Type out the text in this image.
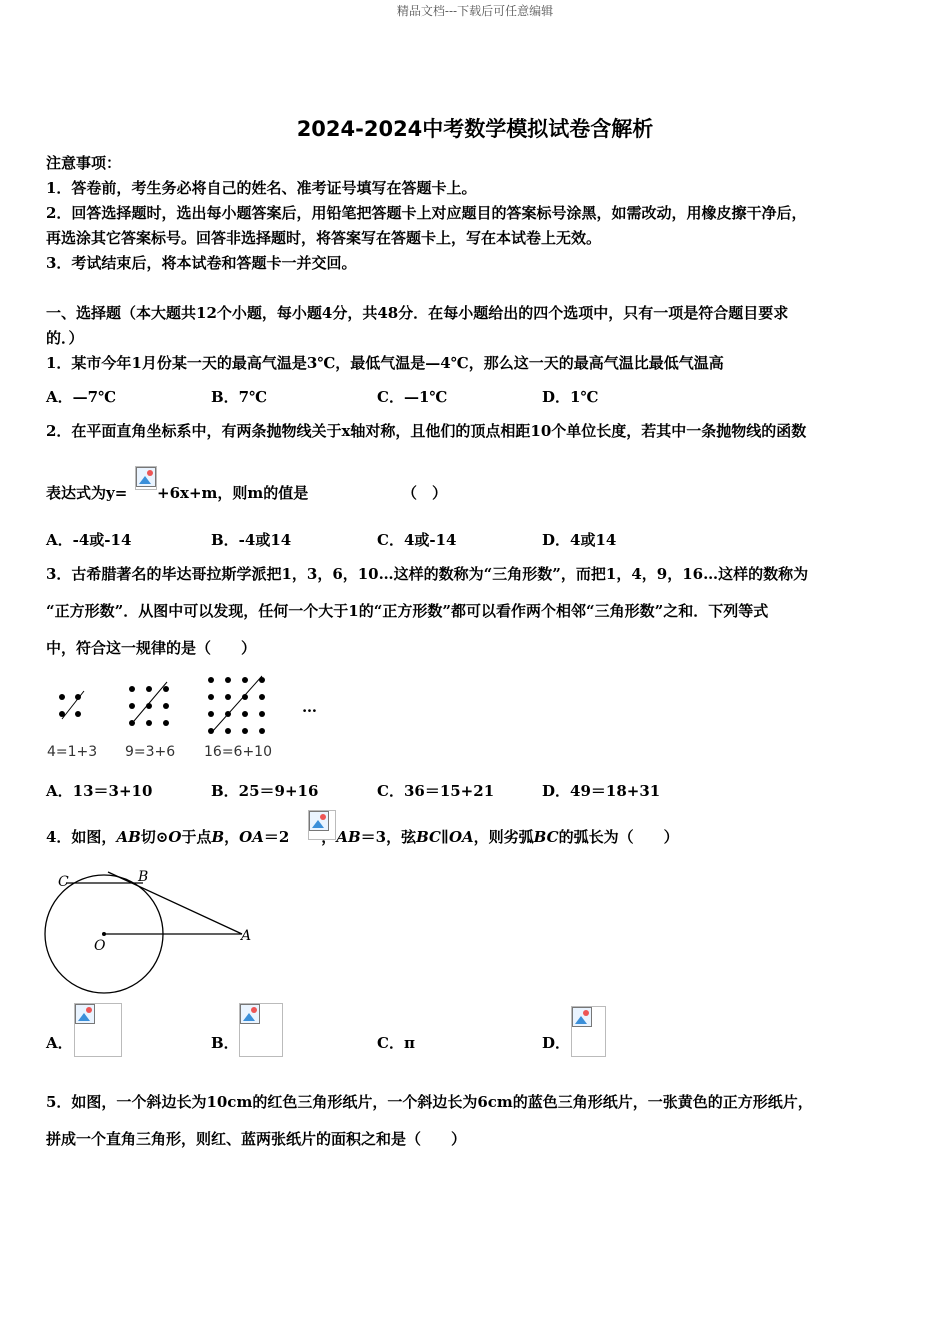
精品文档---下载后可任意编辑
2024-2024中考数学模拟试卷含解析
注意事项：
1．答卷前，考生务必将自己的姓名、准考证号填写在答题卡上。
2．回答选择题时，选出每小题答案后，用铅笔把答题卡上对应题目的答案标号涂黑，如需改动，用橡皮擦干净后，
再选涂其它答案标号。回答非选择题时，将答案写在答题卡上，写在本试卷上无效。
3．考试结束后，将本试卷和答题卡一并交回。
一、选择题（本大题共12个小题，每小题4分，共48分．在每小题给出的四个选项中，只有一项是符合题目要求
的．）
1．某市今年1月份某一天的最高气温是3℃，最低气温是—4℃，那么这一天的最高气温比最低气温高
A．—7℃	B．7℃	C．—1℃	D．1℃
2．在平面直角坐标系中，有两条抛物线关于x轴对称，且他们的顶点相距10个单位长度，若其中一条抛物线的函数
表达式为y= +6x+m，则m的值是	（　）
A．-4或-14	B．-4或14	C．4或-14	D．4或14
3．古希腊著名的毕达哥拉斯学派把1，3，6，10…这样的数称为“三角形数”，而把1，4，9，16…这样的数称为
“正方形数”．从图中可以发现，任何一个大于1的“正方形数”都可以看作两个相邻“三角形数”之和．下列等式
中，符合这一规律的是（　　）
4=1+3 9=3+6 16=6+10
…
A．13＝3+10	B．25＝9+16	C．36＝15+21	D．49＝18+31
4．如图，AB切⊙O于点B，OA＝2	AB＝3，弦BC∥OA，则劣弧BC的弧长为（　　）
C	B
O
A
A．	B．	C．π	D．
5．如图，一个斜边长为10cm的红色三角形纸片，一个斜边长为6cm的蓝色三角形纸片，一张黄色的正方形纸片，
拼成一个直角三角形，则红、蓝两张纸片的面积之和是（　　）
